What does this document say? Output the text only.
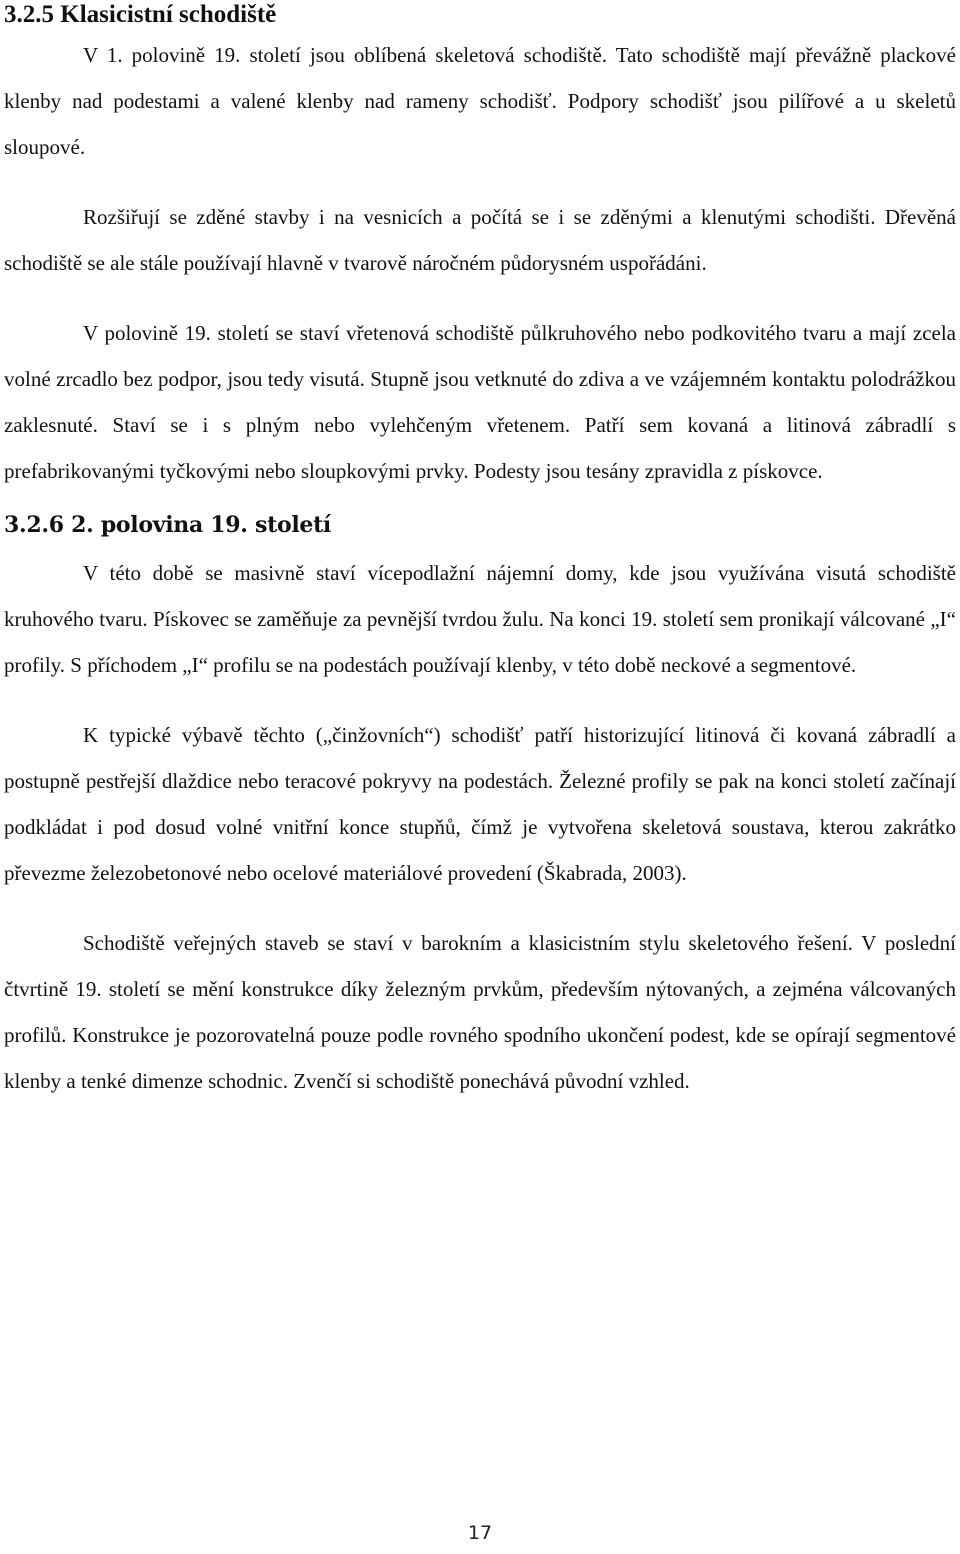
3.2.5 Klasicistní schodiště

V 1. polovině 19. století jsou oblíbená skeletová schodiště. Tato schodiště mají převážně plackové klenby nad podestami a valené klenby nad rameny schodišť. Podpory schodišť jsou pilířové a u skeletů sloupové.

Rozšiřují se zděné stavby i na vesnicích a počítá se i se zděnými a klenutými schodišti. Dřevěná schodiště se ale stále používají hlavně v tvarově náročném půdorysném uspořádáni.

V polovině 19. století se staví vřetenová schodiště půlkruhového nebo podkovitého tvaru a mají zcela volné zrcadlo bez podpor, jsou tedy visutá. Stupně jsou vetknuté do zdiva a ve vzájemném kontaktu polodrážkou zaklesnuté. Staví se i s plným nebo vylehčeným vřetenem. Patří sem kovaná a litinová zábradlí s prefabrikovanými tyčkovými nebo sloupkovými prvky. Podesty jsou tesány zpravidla z pískovce.

3.2.6 2. polovina 19. století

V této době se masivně staví vícepodlažní nájemní domy, kde jsou využívána visutá schodiště kruhového tvaru. Pískovec se zaměňuje za pevnější tvrdou žulu. Na konci 19. století sem pronikají válcované „I“ profily. S příchodem „I“ profilu se na podestách používají klenby, v této době neckové a segmentové.

K typické výbavě těchto („činžovních“) schodišť patří historizující litinová či kovaná zábradlí a postupně pestřejší dlaždice nebo teracové pokryvy na podestách. Železné profily se pak na konci století začínají podkládat i pod dosud volné vnitřní konce stupňů, čímž je vytvořena skeletová soustava, kterou zakrátko převezme železobetonové nebo ocelové materiálové provedení (Škabrada, 2003).

Schodiště veřejných staveb se staví v barokním a klasicistním stylu skeletového řešení. V poslední čtvrtině 19. století se mění konstrukce díky železným prvkům, především nýtovaných, a zejména válcovaných profilů. Konstrukce je pozorovatelná pouze podle rovného spodního ukončení podest, kde se opírají segmentové klenby a tenké dimenze schodnic. Zvenčí si schodiště ponechává původní vzhled.

17
